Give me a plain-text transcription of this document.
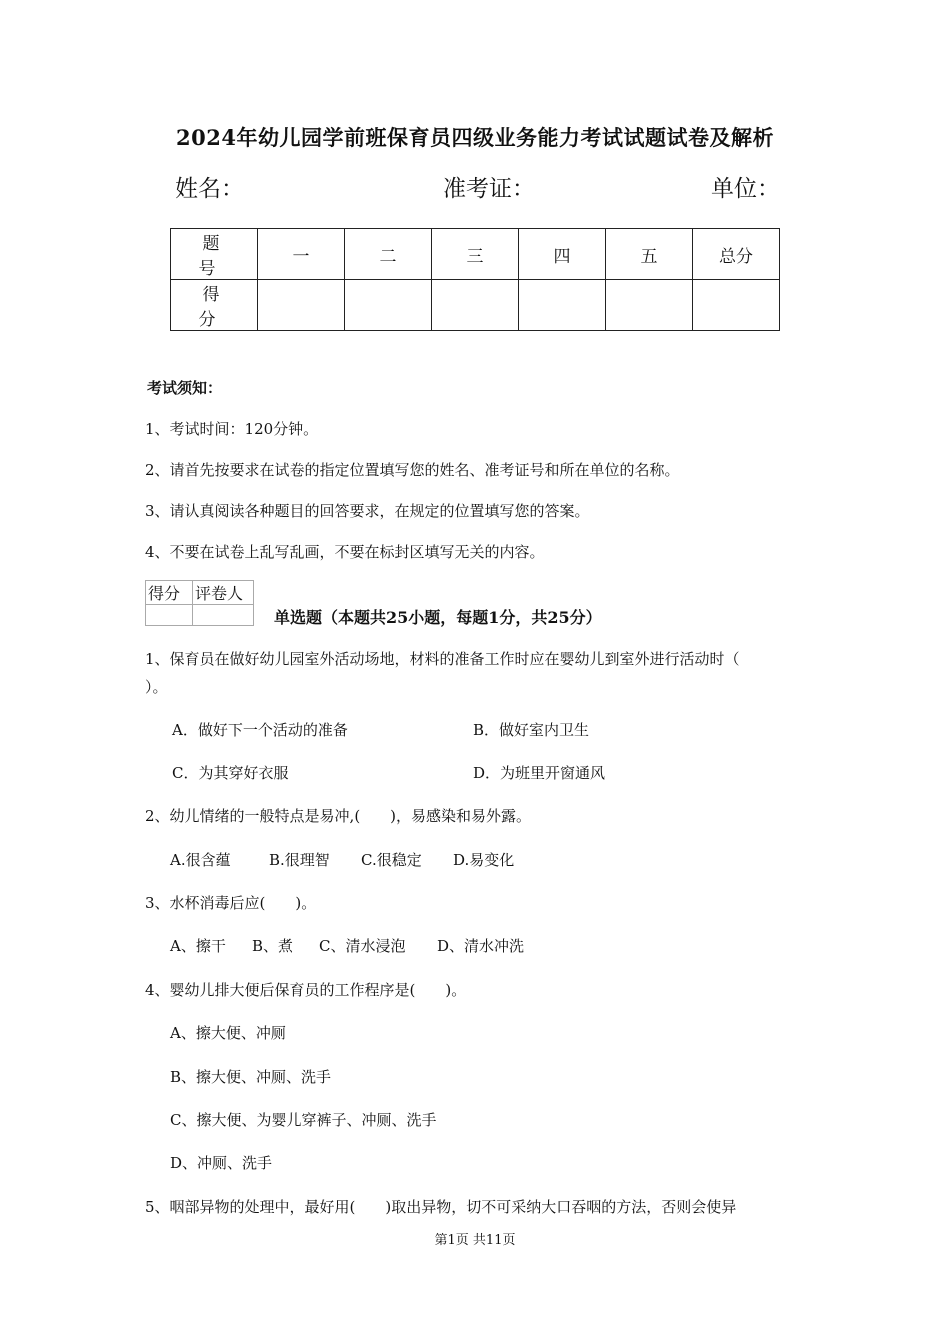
2024年幼儿园学前班保育员四级业务能力考试试题试卷及解析
姓名：	准考证：	单位：
题　号	一	二	三	四	五	总分
得　分						
考试须知：
1、考试时间：120分钟。
2、请首先按要求在试卷的指定位置填写您的姓名、准考证号和所在单位的名称。
3、请认真阅读各种题目的回答要求，在规定的位置填写您的答案。
4、不要在试卷上乱写乱画，不要在标封区填写无关的内容。
得分	评卷人

单选题（本题共25小题，每题1分，共25分）
1、保育员在做好幼儿园室外活动场地，材料的准备工作时应在婴幼儿到室外进行活动时（
）。
A．做好下一个活动的准备	B．做好室内卫生
C．为其穿好衣服	D．为班里开窗通风
2、幼儿情绪的一般特点是易冲,(　　)，易感染和易外露。
A.很含蕴	B.很理智 C.很稳定 D.易变化
3、水杯消毒后应(　　)。
A、擦干 B、煮 C、清水浸泡 D、清水冲洗
4、婴幼儿排大便后保育员的工作程序是(　　)。
A、擦大便、冲厕
B、擦大便、冲厕、洗手
C、擦大便、为婴儿穿裤子、冲厕、洗手
D、冲厕、洗手
5、咽部异物的处理中，最好用(　　)取出异物，切不可采纳大口吞咽的方法，否则会使异
第1页 共11页
